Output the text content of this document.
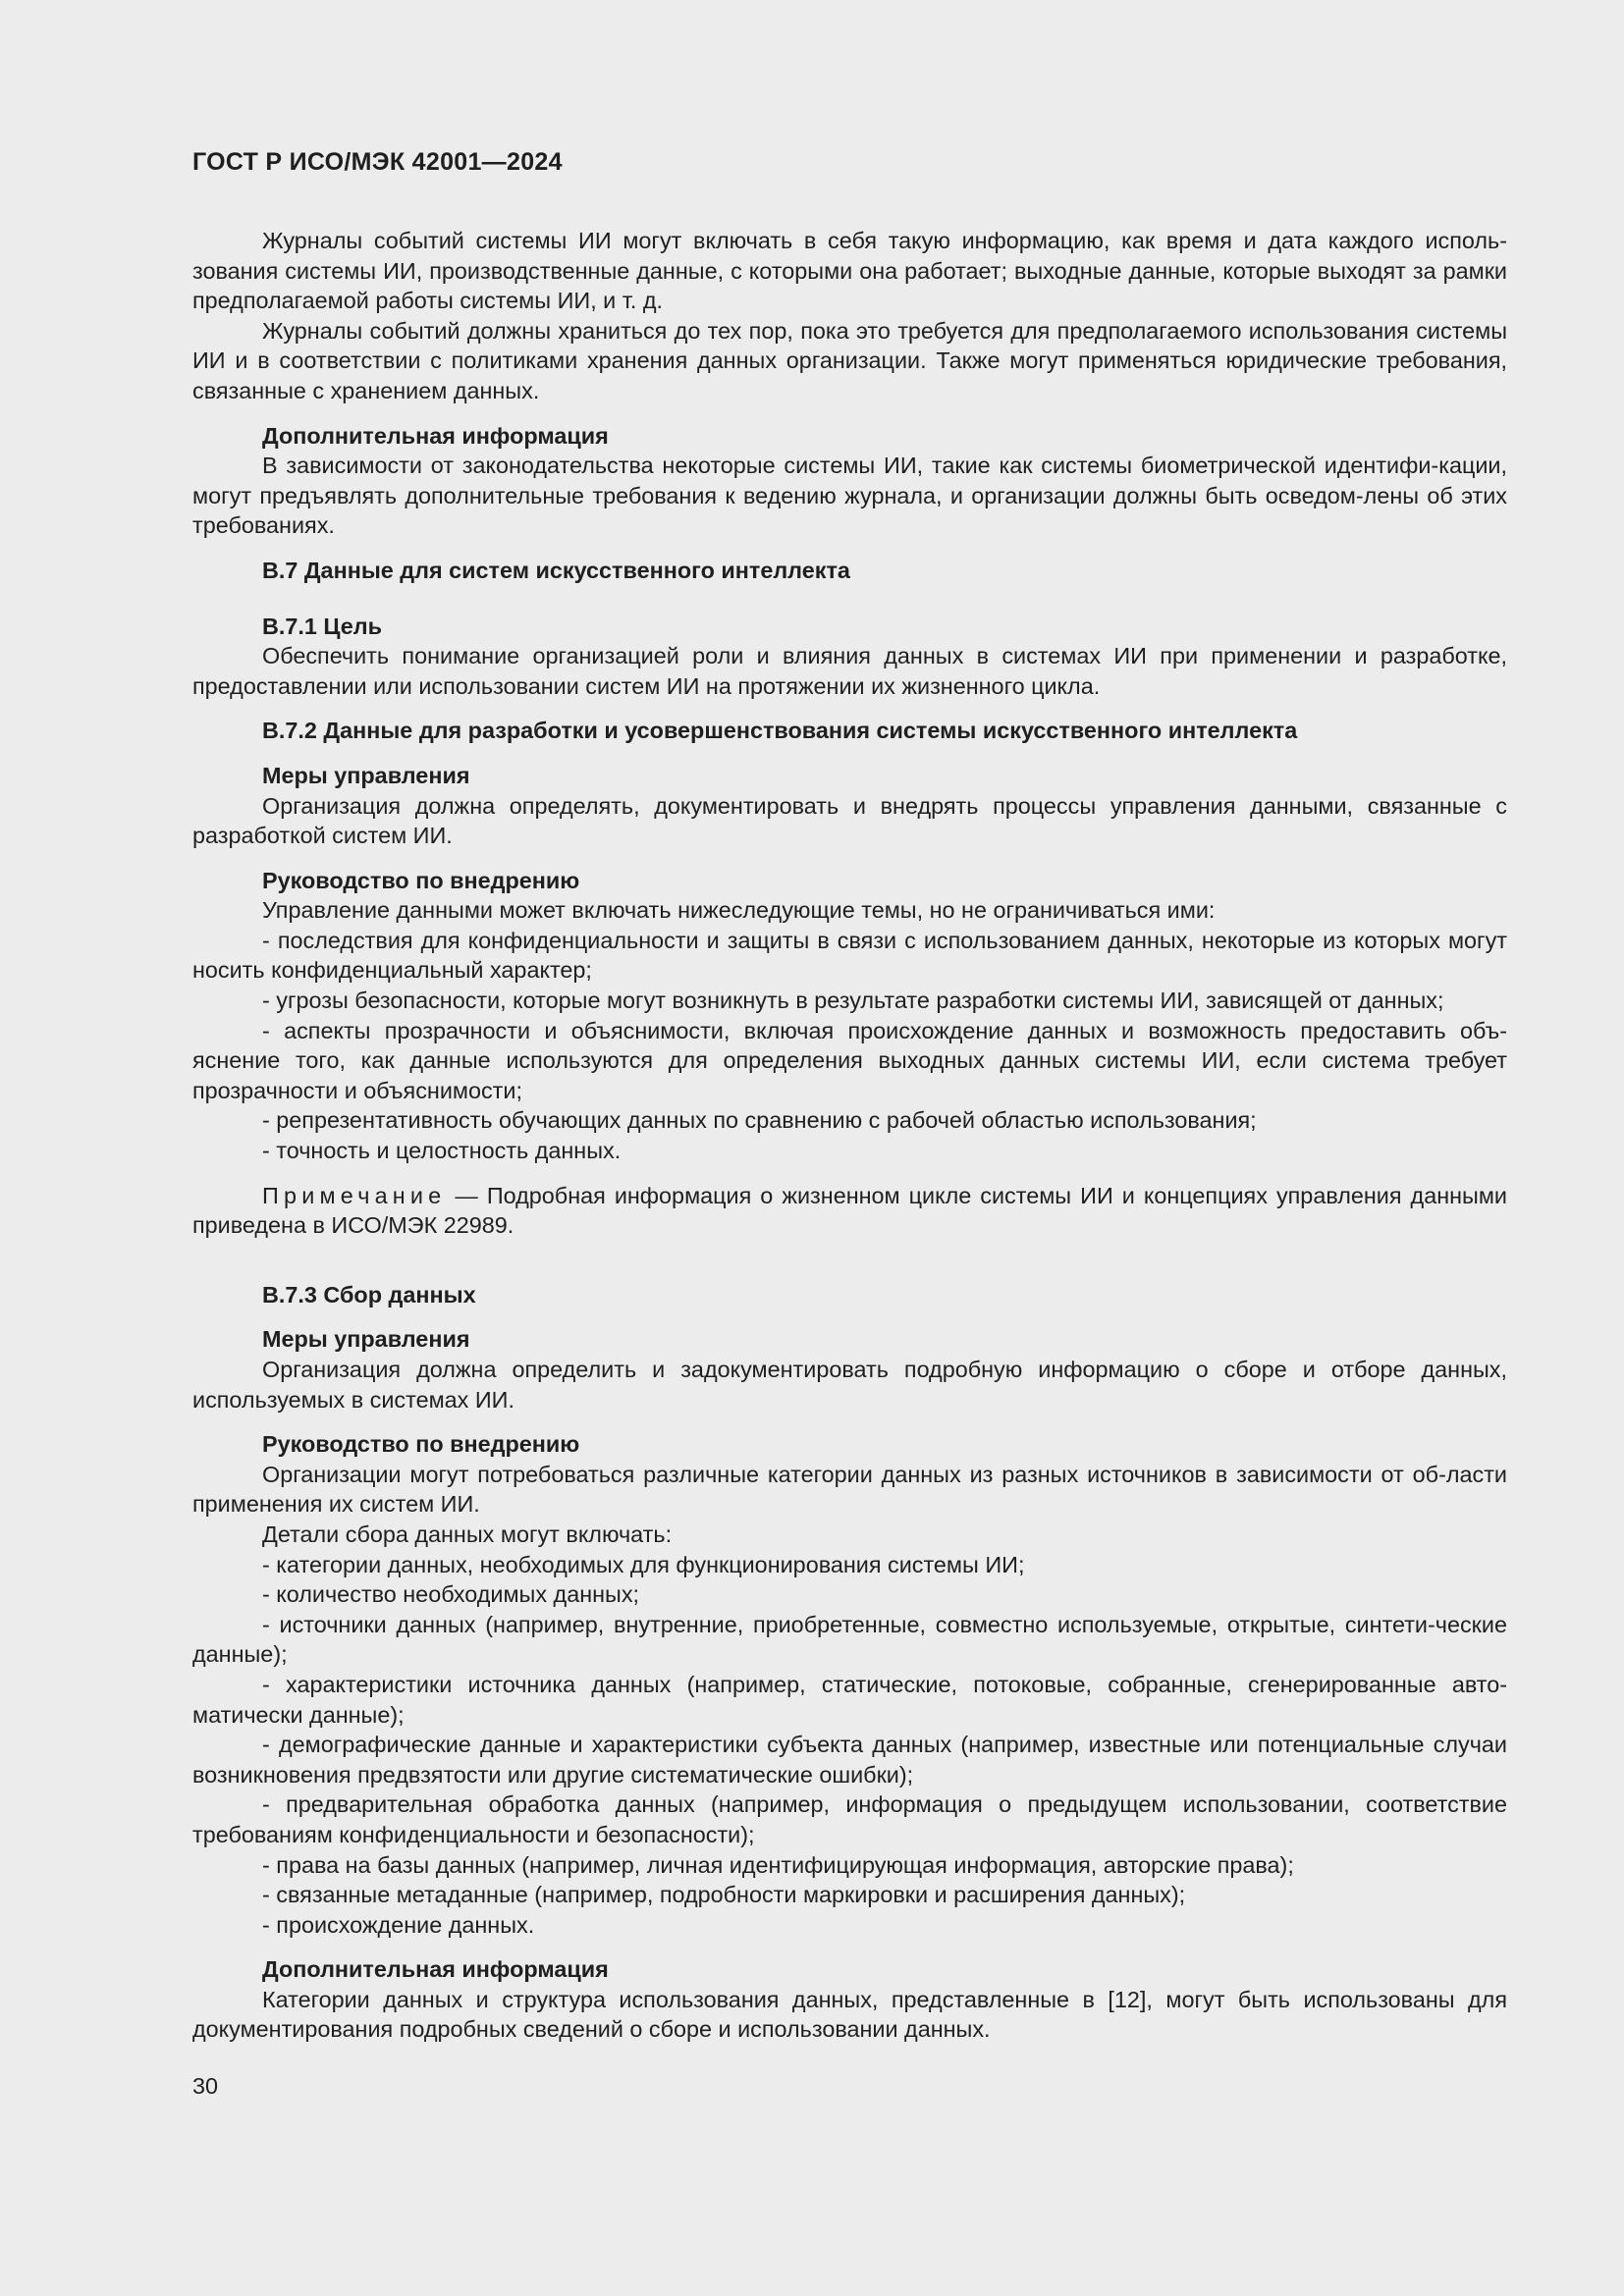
ГОСТ Р ИСО/МЭК 42001—2024

Журналы событий системы ИИ могут включать в себя такую информацию, как время и дата каждого исполь-зования системы ИИ, производственные данные, с которыми она работает; выходные данные, которые выходят за рамки предполагаемой работы системы ИИ, и т. д.

Журналы событий должны храниться до тех пор, пока это требуется для предполагаемого использования системы ИИ и в соответствии с политиками хранения данных организации. Также могут применяться юридические требования, связанные с хранением данных.

Дополнительная информация

В зависимости от законодательства некоторые системы ИИ, такие как системы биометрической идентифи-кации, могут предъявлять дополнительные требования к ведению журнала, и организации должны быть осведом-лены об этих требованиях.

B.7 Данные для систем искусственного интеллекта

B.7.1 Цель

Обеспечить понимание организацией роли и влияния данных в системах ИИ при применении и разработке, предоставлении или использовании систем ИИ на протяжении их жизненного цикла.

B.7.2 Данные для разработки и усовершенствования системы искусственного интеллекта

Меры управления

Организация должна определять, документировать и внедрять процессы управления данными, связанные с разработкой систем ИИ.

Руководство по внедрению

Управление данными может включать нижеследующие темы, но не ограничиваться ими:

- последствия для конфиденциальности и защиты в связи с использованием данных, некоторые из которых могут носить конфиденциальный характер;

- угрозы безопасности, которые могут возникнуть в результате разработки системы ИИ, зависящей от данных;

- аспекты прозрачности и объяснимости, включая происхождение данных и возможность предоставить объ-яснение того, как данные используются для определения выходных данных системы ИИ, если система требует прозрачности и объяснимости;

- репрезентативность обучающих данных по сравнению с рабочей областью использования;

- точность и целостность данных.

Примечание — Подробная информация о жизненном цикле системы ИИ и концепциях управления данными приведена в ИСО/МЭК 22989.

B.7.3 Сбор данных

Меры управления

Организация должна определить и задокументировать подробную информацию о сборе и отборе данных, используемых в системах ИИ.

Руководство по внедрению

Организации могут потребоваться различные категории данных из разных источников в зависимости от об-ласти применения их систем ИИ.

Детали сбора данных могут включать:

- категории данных, необходимых для функционирования системы ИИ;

- количество необходимых данных;

- источники данных (например, внутренние, приобретенные, совместно используемые, открытые, синтети-ческие данные);

- характеристики источника данных (например, статические, потоковые, собранные, сгенерированные авто-матически данные);

- демографические данные и характеристики субъекта данных (например, известные или потенциальные случаи возникновения предвзятости или другие систематические ошибки);

- предварительная обработка данных (например, информация о предыдущем использовании, соответствие требованиям конфиденциальности и безопасности);

- права на базы данных (например, личная идентифицирующая информация, авторские права);

- связанные метаданные (например, подробности маркировки и расширения данных);

- происхождение данных.

Дополнительная информация

Категории данных и структура использования данных, представленные в [12], могут быть использованы для документирования подробных сведений о сборе и использовании данных.

30
